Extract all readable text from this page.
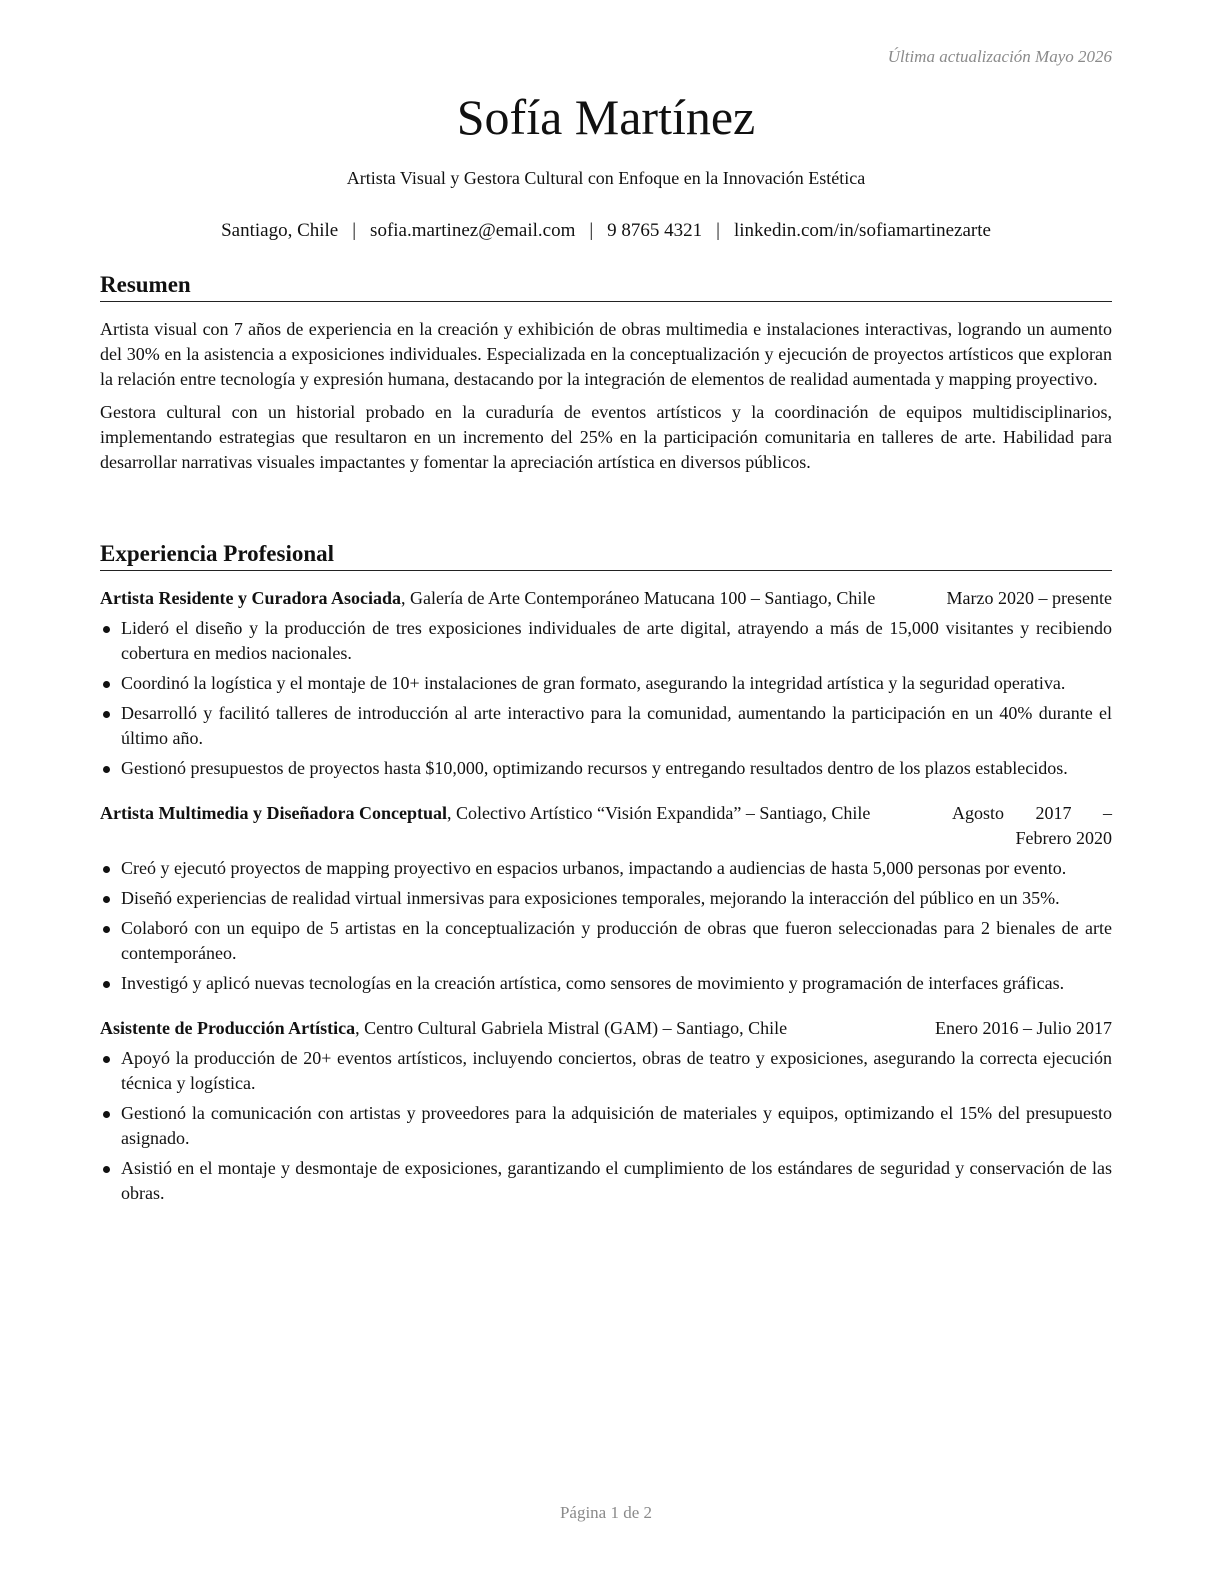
Última actualización Mayo 2026
Sofía Martínez
Artista Visual y Gestora Cultural con Enfoque en la Innovación Estética
Santiago, Chile | sofia.martinez@email.com | 9 8765 4321 | linkedin.com/in/sofiamartinezarte
Resumen

Artista visual con 7 años de experiencia en la creación y exhibición de obras multimedia e instalaciones interactivas, logrando un aumento del 30% en la asistencia a exposiciones individuales. Especializada en la conceptualización y ejecución de proyectos artísticos que exploran la relación entre tecnología y expresión humana, destacando por la integración de elementos de realidad aumentada y mapping proyectivo.

Gestora cultural con un historial probado en la curaduría de eventos artísticos y la coordinación de equipos multidisciplinarios, implementando estrategias que resultaron en un incremento del 25% en la participación comunitaria en talleres de arte. Habilidad para desarrollar narrativas visuales impactantes y fomentar la apreciación artística en diversos públicos.

Experiencia Profesional
Artista Residente y Curadora Asociada, Galería de Arte Contemporáneo Matucana 100 – Santiago, Chile	Marzo 2020 – presente
Lideró el diseño y la producción de tres exposiciones individuales de arte digital, atrayendo a más de 15,000 visitantes y recibiendo cobertura en medios nacionales.
Coordinó la logística y el montaje de 10+ instalaciones de gran formato, asegurando la integridad artística y la seguridad operativa.
Desarrolló y facilitó talleres de introducción al arte interactivo para la comunidad, aumentando la participación en un 40% durante el último año.
Gestionó presupuestos de proyectos hasta $10,000, optimizando recursos y entregando resultados dentro de los plazos establecidos.
Artista Multimedia y Diseñadora Conceptual, Colectivo Artístico “Visión Expandida” – Santiago, Chile	Agosto 2017 – Febrero 2020
Creó y ejecutó proyectos de mapping proyectivo en espacios urbanos, impactando a audiencias de hasta 5,000 personas por evento.
Diseñó experiencias de realidad virtual inmersivas para exposiciones temporales, mejorando la interacción del público en un 35%.
Colaboró con un equipo de 5 artistas en la conceptualización y producción de obras que fueron seleccionadas para 2 bienales de arte contemporáneo.
Investigó y aplicó nuevas tecnologías en la creación artística, como sensores de movimiento y programación de interfaces gráficas.
Asistente de Producción Artística, Centro Cultural Gabriela Mistral (GAM) – Santiago, Chile	Enero 2016 – Julio 2017
Apoyó la producción de 20+ eventos artísticos, incluyendo conciertos, obras de teatro y exposiciones, asegurando la correcta ejecución técnica y logística.
Gestionó la comunicación con artistas y proveedores para la adquisición de materiales y equipos, optimizando el 15% del presupuesto asignado.
Asistió en el montaje y desmontaje de exposiciones, garantizando el cumplimiento de los estándares de seguridad y conservación de las obras.
Página 1 de 2
